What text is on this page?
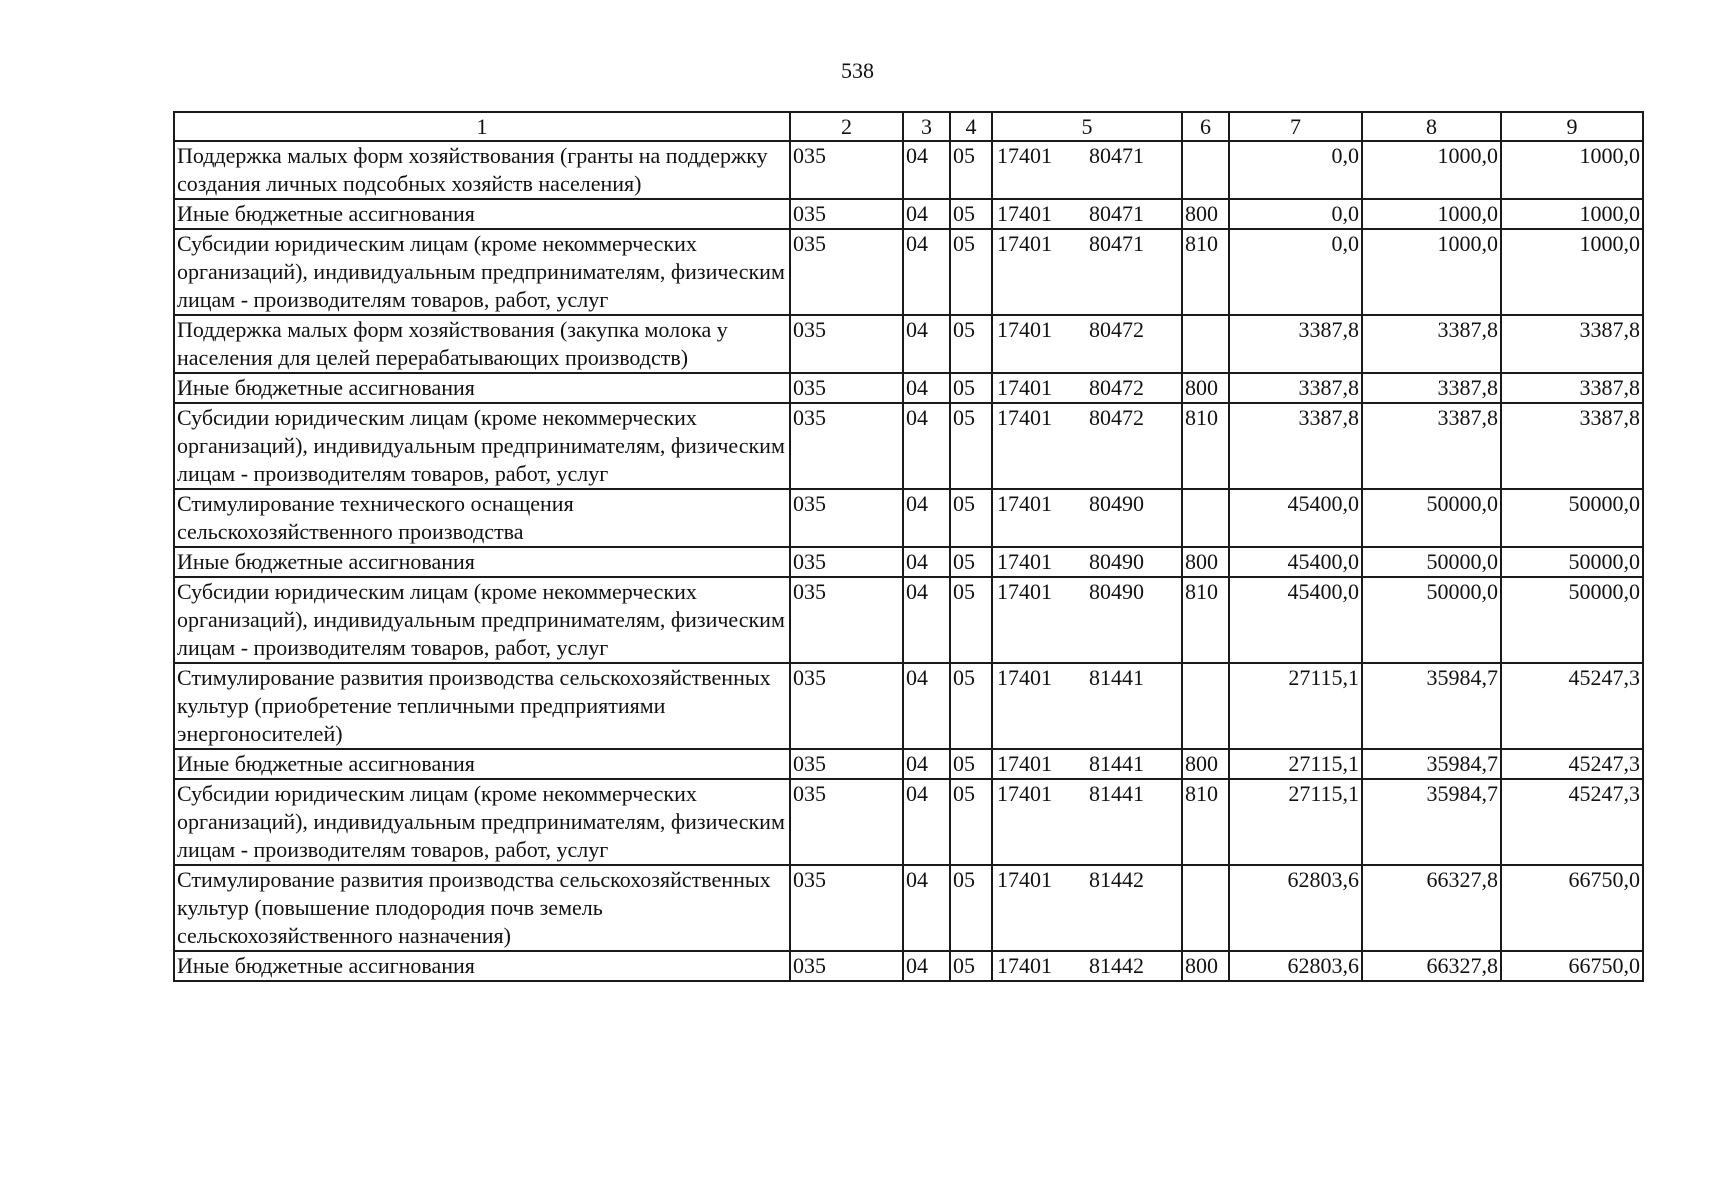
538
1	2	3	4	5	6	7	8	9
Поддержка малых форм хозяйствования (гранты на поддержку создания личных подсобных хозяйств населения)	035	04	05	17401 80471		0,0	1000,0	1000,0
Иные бюджетные ассигнования	035	04	05	17401 80471	800	0,0	1000,0	1000,0
Субсидии юридическим лицам (кроме некоммерческих организаций), индивидуальным предпринимателям, физическим лицам - производителям товаров, работ, услуг	035	04	05	17401 80471	810	0,0	1000,0	1000,0
Поддержка малых форм хозяйствования (закупка молока у населения для целей перерабатывающих производств)	035	04	05	17401 80472		3387,8	3387,8	3387,8
Иные бюджетные ассигнования	035	04	05	17401 80472	800	3387,8	3387,8	3387,8
Субсидии юридическим лицам (кроме некоммерческих организаций), индивидуальным предпринимателям, физическим лицам - производителям товаров, работ, услуг	035	04	05	17401 80472	810	3387,8	3387,8	3387,8
Стимулирование технического оснащения сельскохозяйственного производства	035	04	05	17401 80490		45400,0	50000,0	50000,0
Иные бюджетные ассигнования	035	04	05	17401 80490	800	45400,0	50000,0	50000,0
Субсидии юридическим лицам (кроме некоммерческих организаций), индивидуальным предпринимателям, физическим лицам - производителям товаров, работ, услуг	035	04	05	17401 80490	810	45400,0	50000,0	50000,0
Стимулирование развития производства сельскохозяйственных культур (приобретение тепличными предприятиями энергоносителей)	035	04	05	17401 81441		27115,1	35984,7	45247,3
Иные бюджетные ассигнования	035	04	05	17401 81441	800	27115,1	35984,7	45247,3
Субсидии юридическим лицам (кроме некоммерческих организаций), индивидуальным предпринимателям, физическим лицам - производителям товаров, работ, услуг	035	04	05	17401 81441	810	27115,1	35984,7	45247,3
Стимулирование развития производства сельскохозяйственных культур (повышение плодородия почв земель сельскохозяйственного назначения)	035	04	05	17401 81442		62803,6	66327,8	66750,0
Иные бюджетные ассигнования	035	04	05	17401 81442	800	62803,6	66327,8	66750,0
